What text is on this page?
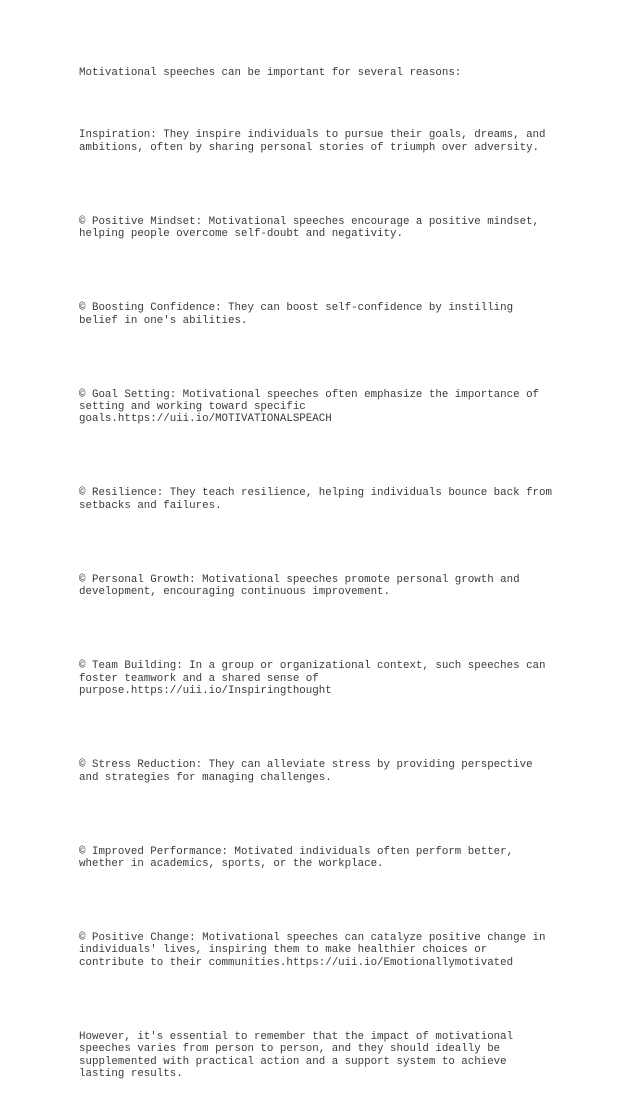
Motivational speeches can be important for several reasons:

Inspiration: They inspire individuals to pursue their goals, dreams, and
ambitions, often by sharing personal stories of triumph over adversity.

© Positive Mindset: Motivational speeches encourage a positive mindset,
helping people overcome self-doubt and negativity.

© Boosting Confidence: They can boost self-confidence by instilling
belief in one's abilities.

© Goal Setting: Motivational speeches often emphasize the importance of
setting and working toward specific
goals.https://uii.io/MOTIVATIONALSPEACH

© Resilience: They teach resilience, helping individuals bounce back from
setbacks and failures.

© Personal Growth: Motivational speeches promote personal growth and
development, encouraging continuous improvement.

© Team Building: In a group or organizational context, such speeches can
foster teamwork and a shared sense of
purpose.https://uii.io/Inspiringthought

© Stress Reduction: They can alleviate stress by providing perspective
and strategies for managing challenges.

© Improved Performance: Motivated individuals often perform better,
whether in academics, sports, or the workplace.

© Positive Change: Motivational speeches can catalyze positive change in
individuals' lives, inspiring them to make healthier choices or
contribute to their communities.https://uii.io/Emotionallymotivated

However, it's essential to remember that the impact of motivational
speeches varies from person to person, and they should ideally be
supplemented with practical action and a support system to achieve
lasting results.
